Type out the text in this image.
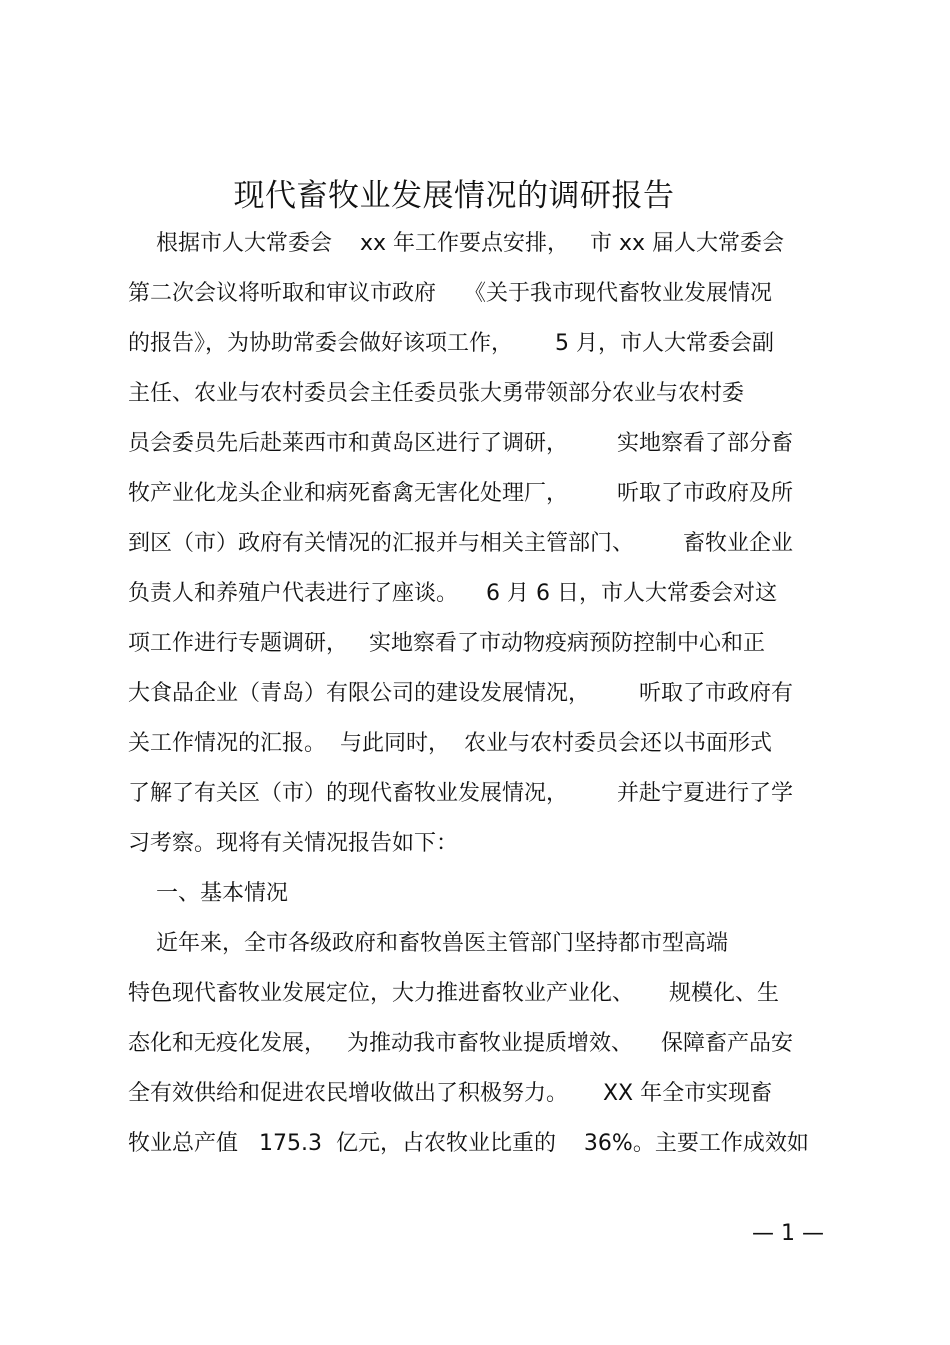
现代畜牧业发展情况的调研报告
根据市人大常委会    xx 年工作要点安排，   市 xx 届人大常委会
第二次会议将听取和审议市政府    《关于我市现代畜牧业发展情况
的报告》，为协助常委会做好该项工作，      5 月，市人大常委会副
主任、农业与农村委员会主任委员张大勇带领部分农业与农村委
员会委员先后赴莱西市和黄岛区进行了调研，       实地察看了部分畜
牧产业化龙头企业和病死畜禽无害化处理厂，       听取了市政府及所
到区（市）政府有关情况的汇报并与相关主管部门、       畜牧业企业
负责人和养殖户代表进行了座谈。    6 月 6 日，市人大常委会对这
项工作进行专题调研，   实地察看了市动物疫病预防控制中心和正
大食品企业（青岛）有限公司的建设发展情况，       听取了市政府有
关工作情况的汇报。  与此同时，  农业与农村委员会还以书面形式
了解了有关区（市）的现代畜牧业发展情况，       并赴宁夏进行了学
习考察。现将有关情况报告如下：
一、基本情况
近年来，全市各级政府和畜牧兽医主管部门坚持都市型高端
特色现代畜牧业发展定位，大力推进畜牧业产业化、     规模化、生
态化和无疫化发展，   为推动我市畜牧业提质增效、    保障畜产品安
全有效供给和促进农民增收做出了积极努力。     XX 年全市实现畜
牧业总产值   175.3  亿元，占农牧业比重的    36%。主要工作成效如
— 1 —
